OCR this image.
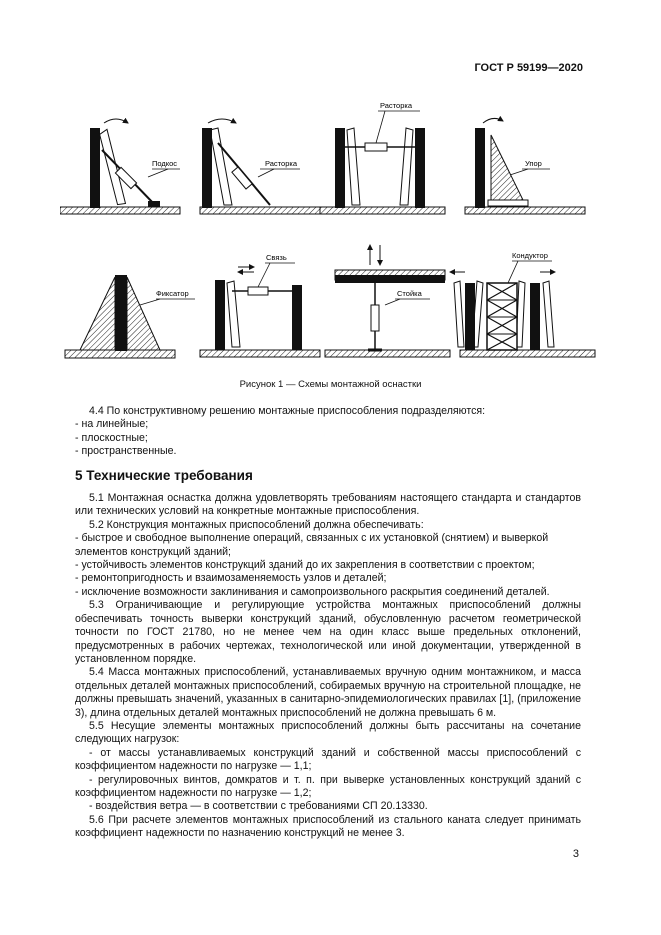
ГОСТ Р 59199—2020
Подкос	Расторка
Расторка
Упор
Фиксатор
Связь
Стойка
Кондуктор
Рисунок 1 — Схемы монтажной оснастки

4.4 По конструктивному решению монтажные приспособления подразделяются:

- на линейные;

- плоскостные;

- пространственные.

5 Технические требования

5.1 Монтажная оснастка должна удовлетворять требованиям настоящего стандарта и стандартов или технических условий на конкретные монтажные приспособления.

5.2 Конструкция монтажных приспособлений должна обеспечивать:

- быстрое и свободное выполнение операций, связанных с их установкой (снятием) и выверкой элементов конструкций зданий;

- устойчивость элементов конструкций зданий до их закрепления в соответствии с проектом;

- ремонтопригодность и взаимозаменяемость узлов и деталей;

- исключение возможности заклинивания и самопроизвольного раскрытия соединений деталей.

5.3 Ограничивающие и регулирующие устройства монтажных приспособлений должны обеспечивать точность выверки конструкций зданий, обусловленную расчетом геометрической точности по ГОСТ 21780, но не менее чем на один класс выше предельных отклонений, предусмотренных в рабочих чертежах, технологической или иной документации, утвержденной в установленном порядке.

5.4 Масса монтажных приспособлений, устанавливаемых вручную одним монтажником, и масса отдельных деталей монтажных приспособлений, собираемых вручную на строительной площадке, не должны превышать значений, указанных в санитарно-эпидемиологических правилах [1], (приложение 3), длина отдельных деталей монтажных приспособлений не должна превышать 6 м.

5.5 Несущие элементы монтажных приспособлений должны быть рассчитаны на сочетание следующих нагрузок:

- от массы устанавливаемых конструкций зданий и собственной массы приспособлений с коэффициентом надежности по нагрузке — 1,1;

- регулировочных винтов, домкратов и т. п. при выверке установленных конструкций зданий с коэффициентом надежности по нагрузке — 1,2;

- воздействия ветра — в соответствии с требованиями СП 20.13330.

5.6 При расчете элементов монтажных приспособлений из стального каната следует принимать коэффициент надежности по назначению конструкций не менее 3.

3
